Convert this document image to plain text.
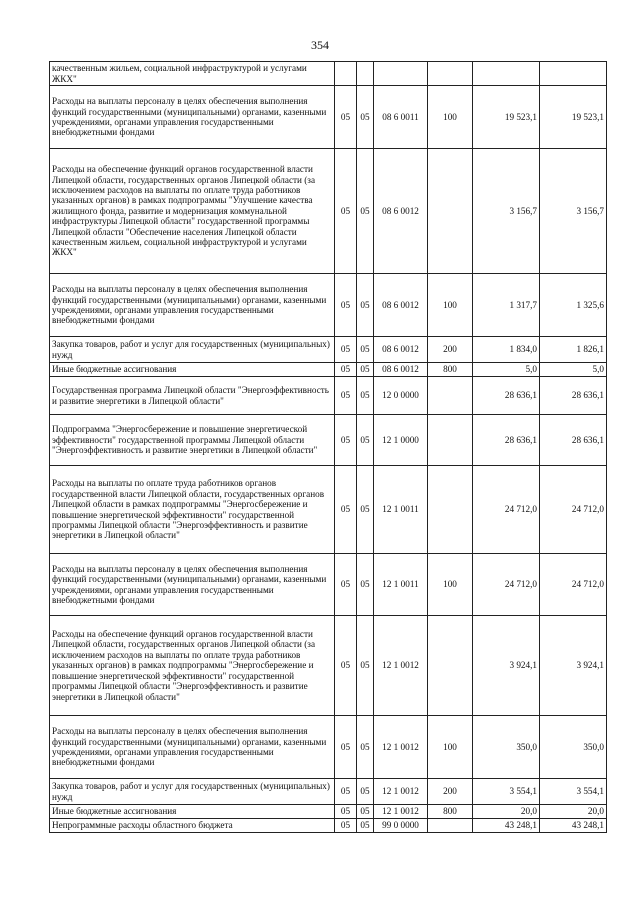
354
качественным жильем, социальной инфраструктурой и услугами ЖКХ"						
Расходы на выплаты персоналу в целях обеспечения выполнения функций государственными (муниципальными) органами, казенными учреждениями, органами управления государственными внебюджетными фондами	05	05	08 6 0011	100	19 523,1	19 523,1
Расходы на обеспечение функций органов государственной власти Липецкой области, государственных органов Липецкой области (за исключением расходов на выплаты по оплате труда работников указанных органов) в рамках подпрограммы "Улучшение качества жилищного фонда, развитие и модернизация коммунальной инфраструктуры Липецкой области" государственной программы Липецкой области "Обеспечение населения Липецкой области качественным жильем, социальной инфраструктурой и услугами ЖКХ"	05	05	08 6 0012		3 156,7	3 156,7
Расходы на выплаты персоналу в целях обеспечения выполнения функций государственными (муниципальными) органами, казенными учреждениями, органами управления государственными внебюджетными фондами	05	05	08 6 0012	100	1 317,7	1 325,6
Закупка товаров, работ и услуг для государственных (муниципальных) нужд	05	05	08 6 0012	200	1 834,0	1 826,1
Иные бюджетные ассигнования	05	05	08 6 0012	800	5,0	5,0
Государственная программа Липецкой области "Энергоэффективность и развитие энергетики в Липецкой области"	05	05	12 0 0000		28 636,1	28 636,1
Подпрограмма "Энергосбережение и повышение энергетической эффективности" государственной программы Липецкой области "Энергоэффективность и развитие энергетики в Липецкой области"	05	05	12 1 0000		28 636,1	28 636,1
Расходы на выплаты по оплате труда работников органов государственной власти Липецкой области, государственных органов Липецкой области в рамках подпрограммы "Энергосбережение и повышение энергетической эффективности" государственной программы Липецкой области "Энергоэффективность и развитие энергетики в Липецкой области"	05	05	12 1 0011		24 712,0	24 712,0
Расходы на выплаты персоналу в целях обеспечения выполнения функций государственными (муниципальными) органами, казенными учреждениями, органами управления государственными внебюджетными фондами	05	05	12 1 0011	100	24 712,0	24 712,0
Расходы на обеспечение функций органов государственной власти Липецкой области, государственных органов Липецкой области (за исключением расходов на выплаты по оплате труда работников указанных органов) в рамках подпрограммы "Энергосбережение и повышение энергетической эффективности" государственной программы Липецкой области "Энергоэффективность и развитие энергетики в Липецкой области"	05	05	12 1 0012		3 924,1	3 924,1
Расходы на выплаты персоналу в целях обеспечения выполнения функций государственными (муниципальными) органами, казенными учреждениями, органами управления государственными внебюджетными фондами	05	05	12 1 0012	100	350,0	350,0
Закупка товаров, работ и услуг для государственных (муниципальных) нужд	05	05	12 1 0012	200	3 554,1	3 554,1
Иные бюджетные ассигнования	05	05	12 1 0012	800	20,0	20,0
Непрограммные расходы областного бюджета	05	05	99 0 0000		43 248,1	43 248,1
